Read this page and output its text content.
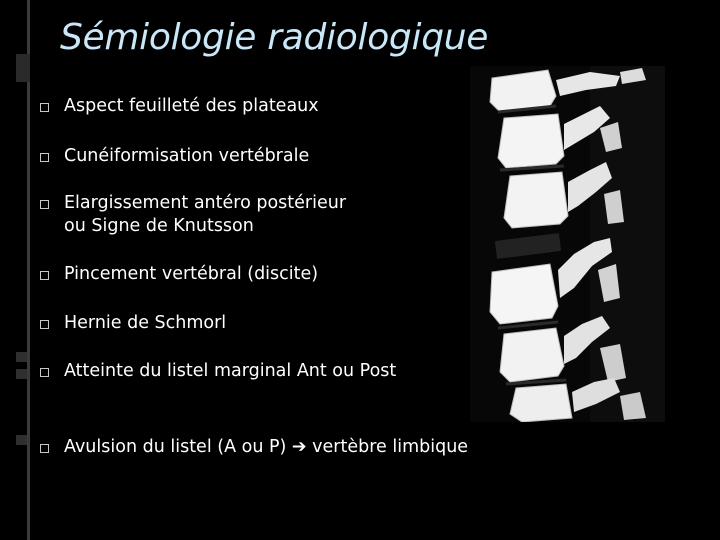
Sémiologie radiologique
Aspect feuilleté des plateaux
Cunéiformisation vertébrale
Elargissement antéro postérieur
ou Signe de Knutsson
Pincement vertébral (discite)
Hernie de Schmorl
Atteinte du listel marginal Ant ou Post
Avulsion du listel (A ou P) ➔ vertèbre limbique
